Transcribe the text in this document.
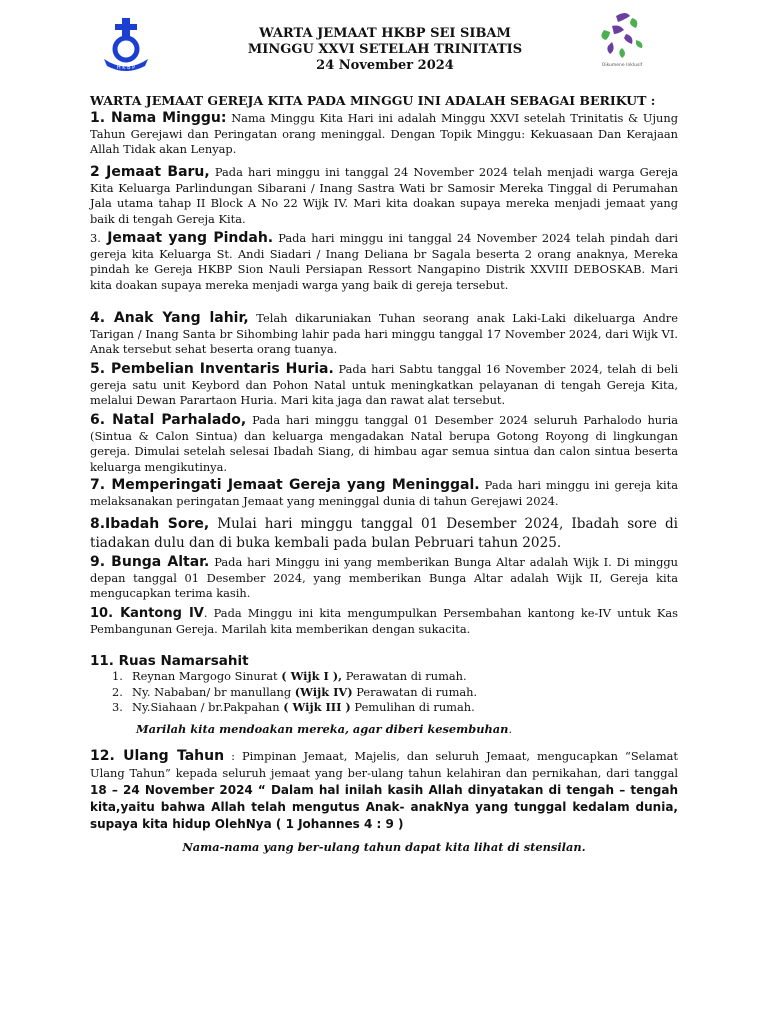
H K B P	Oikumene Inklusif
WARTA JEMAAT HKBP SEI SIBAM
MINGGU XXVI SETELAH TRINITATIS
24 November 2024
WARTA JEMAAT GEREJA KITA PADA MINGGU INI ADALAH SEBAGAI BERIKUT :
1. Nama Minggu: Nama Minggu Kita Hari ini adalah Minggu XXVI setelah Trinitatis & Ujung Tahun Gerejawi dan Peringatan orang meninggal. Dengan Topik Minggu: Kekuasaan Dan Kerajaan Allah Tidak akan Lenyap.
2 Jemaat Baru, Pada hari minggu ini tanggal 24 November 2024 telah menjadi warga Gereja Kita Keluarga Parlindungan Sibarani / Inang Sastra Wati br Samosir Mereka Tinggal di Perumahan Jala utama tahap II Block A No 22 Wijk IV. Mari kita doakan supaya mereka menjadi jemaat yang baik di tengah Gereja Kita.
3. Jemaat yang Pindah. Pada hari minggu ini tanggal 24 November 2024 telah pindah dari gereja kita Keluarga St. Andi Siadari / Inang Deliana br Sagala beserta 2 orang anaknya, Mereka pindah ke Gereja HKBP Sion Nauli Persiapan Ressort Nangapino Distrik XXVIII DEBOSKAB. Mari kita doakan supaya mereka menjadi warga yang baik di gereja tersebut.
4. Anak Yang lahir, Telah dikaruniakan Tuhan seorang anak Laki-Laki dikeluarga Andre Tarigan / Inang Santa br Sihombing lahir pada hari minggu tanggal 17 November 2024, dari Wijk VI. Anak tersebut sehat beserta orang tuanya.
5. Pembelian Inventaris Huria. Pada hari Sabtu tanggal 16 November 2024, telah di beli gereja satu unit Keybord dan Pohon Natal untuk meningkatkan pelayanan di tengah Gereja Kita, melalui Dewan Parartaon Huria. Mari kita jaga dan rawat alat tersebut.
6. Natal Parhalado, Pada hari minggu tanggal 01 Desember 2024 seluruh Parhalodo huria (Sintua & Calon Sintua) dan keluarga mengadakan Natal berupa Gotong Royong di lingkungan gereja. Dimulai setelah selesai Ibadah Siang, di himbau agar semua sintua dan calon sintua beserta keluarga mengikutinya.
7. Memperingati Jemaat Gereja yang Meninggal. Pada hari minggu ini gereja kita melaksanakan peringatan Jemaat yang meninggal dunia di tahun Gerejawi 2024.
8.Ibadah Sore, Mulai hari minggu tanggal 01 Desember 2024, Ibadah sore di tiadakan dulu dan di buka kembali pada bulan Pebruari tahun 2025.
9. Bunga Altar. Pada hari Minggu ini yang memberikan Bunga Altar adalah Wijk I. Di minggu depan tanggal 01 Desember 2024, yang memberikan Bunga Altar adalah Wijk II, Gereja kita mengucapkan terima kasih.
10. Kantong IV. Pada Minggu ini kita mengumpulkan Persembahan kantong ke-IV untuk Kas Pembangunan Gereja. Marilah kita memberikan dengan sukacita.
11. Ruas Namarsahit
1. Reynan Margogo Sinurat ( Wijk I ), Perawatan di rumah.
2. Ny. Nababan/ br manullang (Wijk IV) Perawatan di rumah.
3. Ny.Siahaan / br.Pakpahan ( Wijk III ) Pemulihan di rumah.
Marilah kita mendoakan mereka, agar diberi kesembuhan.
12. Ulang Tahun : Pimpinan Jemaat, Majelis, dan seluruh Jemaat, mengucapkan “Selamat Ulang Tahun” kepada seluruh jemaat yang ber-ulang tahun kelahiran dan pernikahan, dari tanggal 18 – 24 November 2024 “ Dalam hal inilah kasih Allah dinyatakan di tengah – tengah kita,yaitu bahwa Allah telah mengutus Anak- anakNya yang tunggal kedalam dunia, supaya kita hidup OlehNya ( 1 Johannes 4 : 9 )
Nama-nama yang ber-ulang tahun dapat kita lihat di stensilan.
